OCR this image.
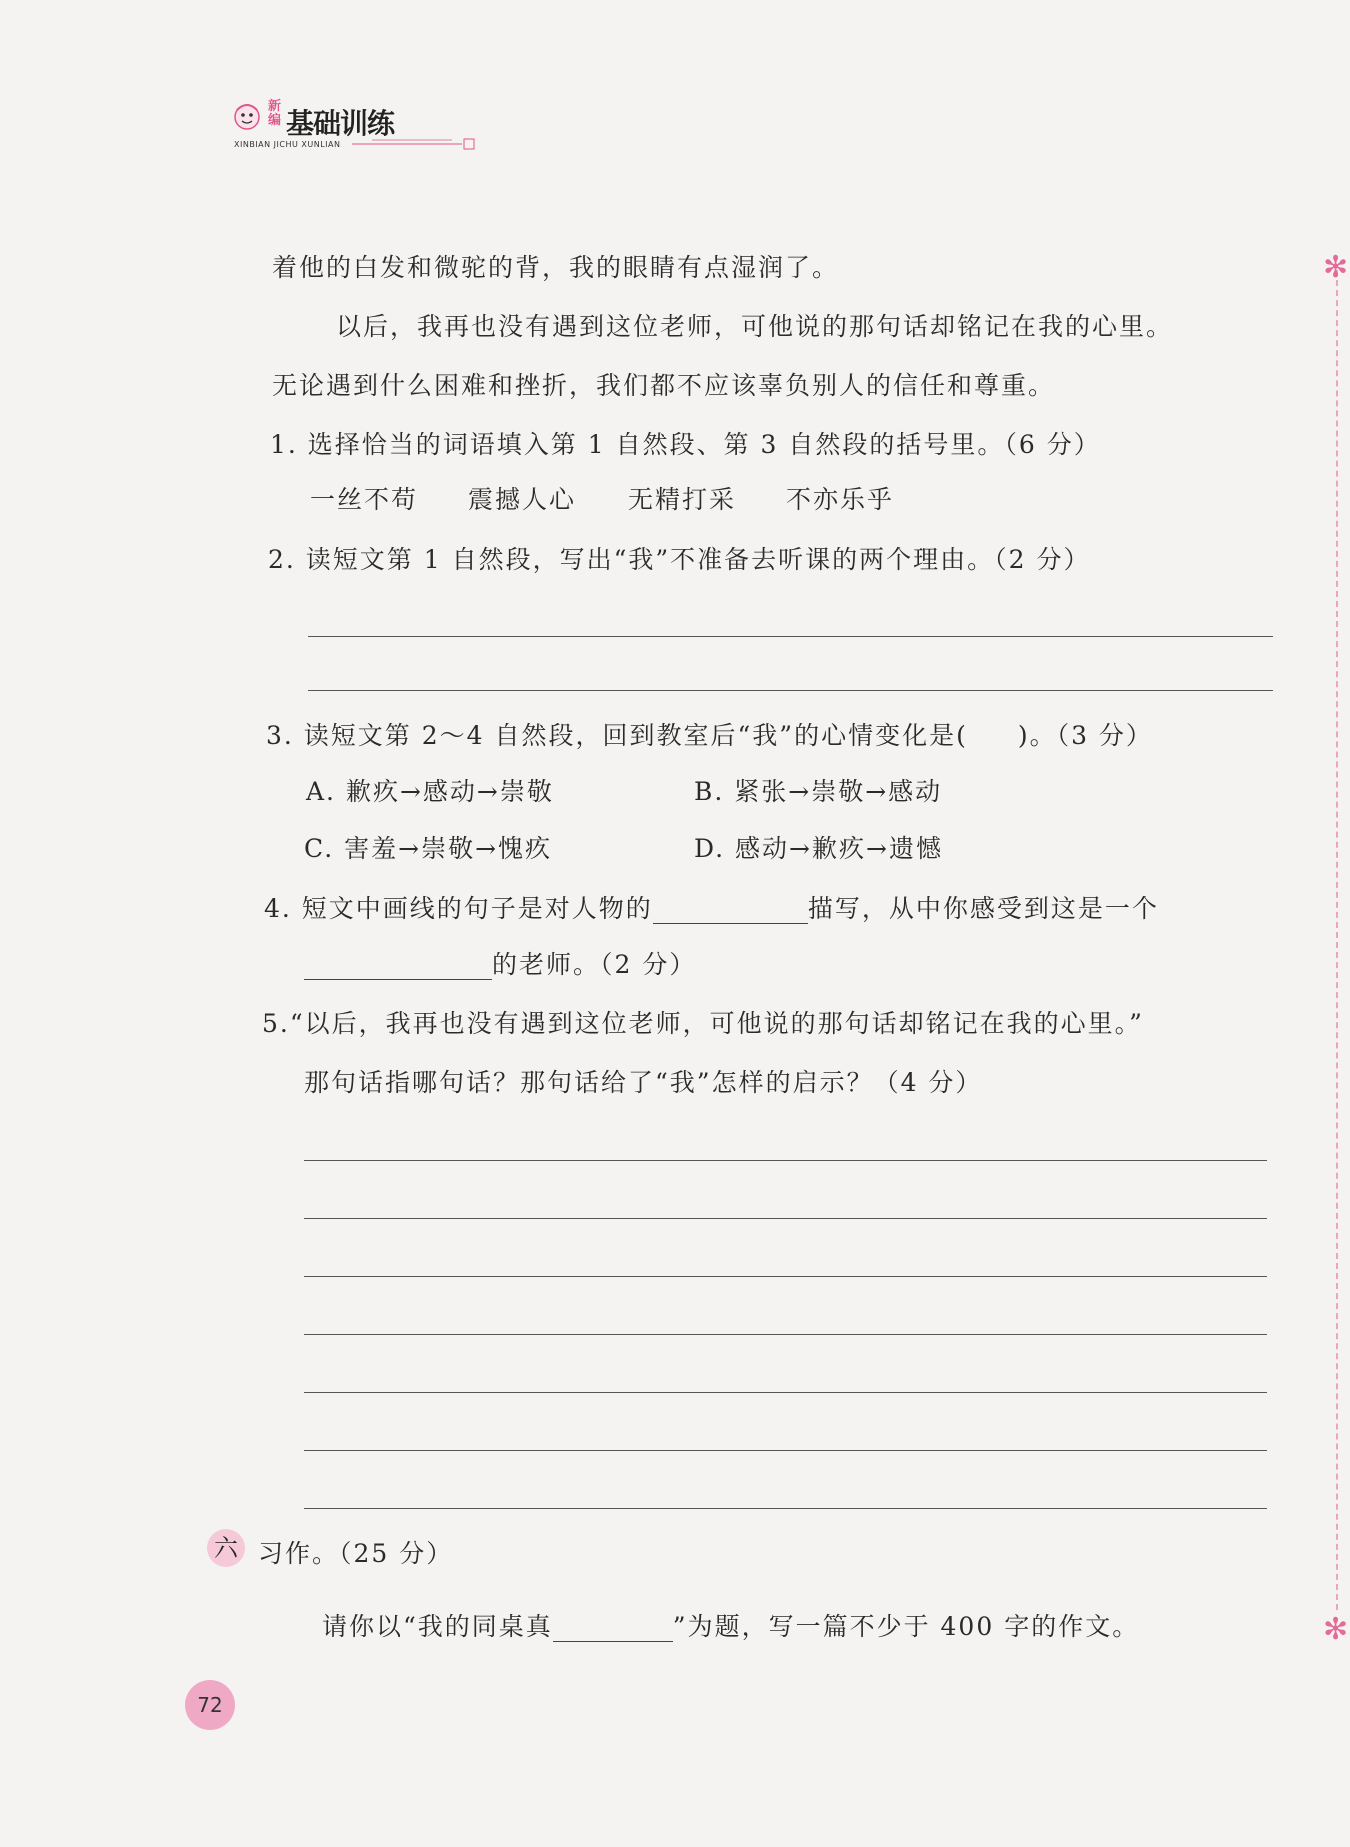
新编 基础训练
XINBIAN JICHU XUNLIAN
着他的白发和微驼的背，我的眼睛有点湿润了。
以后，我再也没有遇到这位老师，可他说的那句话却铭记在我的心里。
无论遇到什么困难和挫折，我们都不应该辜负别人的信任和尊重。
1. 选择恰当的词语填入第 1 自然段、第 3 自然段的括号里。（6 分）
一丝不苟 震撼人心 无精打采 不亦乐乎
2. 读短文第 1 自然段，写出“我”不准备去听课的两个理由。（2 分）
3. 读短文第 2～4 自然段，回到教室后“我”的心情变化是( )。（3 分）
A. 歉疚→感动→崇敬	B. 紧张→崇敬→感动
C. 害羞→崇敬→愧疚	D. 感动→歉疚→遗憾
4. 短文中画线的句子是对人物的	描写，从中你感受到这是一个
的老师。（2 分）
5.“以后，我再也没有遇到这位老师，可他说的那句话却铭记在我的心里。”
那句话指哪句话？那句话给了“我”怎样的启示？（4 分）
六 习作。（25 分）
请你以“我的同桌真	”为题，写一篇不少于 400 字的作文。
72
✻
✻
